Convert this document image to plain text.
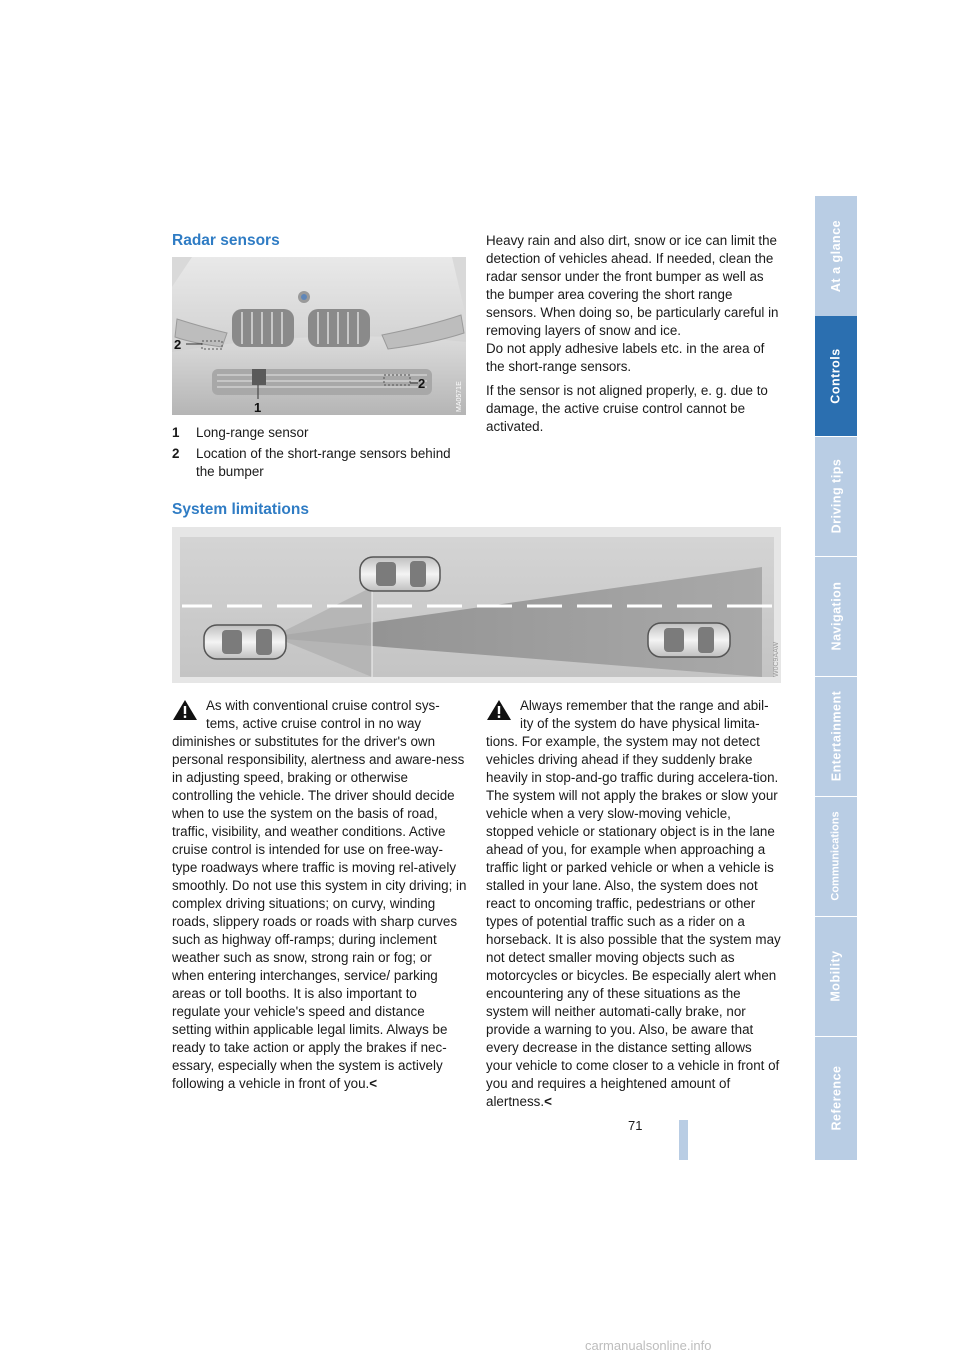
Radar sensors
2
2
1	MA0571E
1 Long-range sensor
2 Location of the short-range sensors behind the bumper

Heavy rain and also dirt, snow or ice can limit the detection of vehicles ahead. If needed, clean the radar sensor under the front bumper as well as the bumper area covering the short range sensors. When doing so, be particularly careful in removing layers of snow and ice.

Do not apply adhesive labels etc. in the area of the short-range sensors.

If the sensor is not aligned properly, e. g. due to damage, the active cruise control cannot be activated.

System limitations
W0C9AAW
As with conventional cruise control sys-
tems, active cruise control in no way
diminishes or substitutes for the driver's own personal responsibility, alertness and aware-ness in adjusting speed, braking or otherwise controlling the vehicle. The driver should decide when to use the system on the basis of road, traffic, visibility, and weather conditions. Active cruise control is intended for use on free-way-type roadways where traffic is moving rel-atively smoothly. Do not use this system in city driving; in complex driving situations; on curvy, winding roads, slippery roads or roads with sharp curves such as highway off-ramps; during inclement weather such as snow, strong rain or fog; or when entering interchanges, service/ parking areas or toll booths. It is also important to regulate your vehicle's speed and distance setting within applicable legal limits. Always be ready to take action or apply the brakes if nec-essary, especially when the system is actively following a vehicle in front of you.<
Always remember that the range and abil-
ity of the system do have physical limita-
tions. For example, the system may not detect vehicles driving ahead if they suddenly brake heavily in stop-and-go traffic during accelera-tion. The system will not apply the brakes or slow your vehicle when a very slow-moving vehicle, stopped vehicle or stationary object is in the lane ahead of you, for example when approaching a traffic light or parked vehicle or when a vehicle is stalled in your lane. Also, the system does not react to oncoming traffic, pedestrians or other types of potential traffic such as a rider on a horseback. It is also possible that the system may not detect smaller moving objects such as motorcycles or bicycles. Be especially alert when encountering any of these situations as the system will neither automati-cally brake, nor provide a warning to you. Also, be aware that every decrease in the distance setting allows your vehicle to come closer to a vehicle in front of you and requires a heightened amount of alertness.<
At a glance
Controls
Driving tips
Navigation
Entertainment
Communications
Mobility
Reference
71
carmanualsonline.info
